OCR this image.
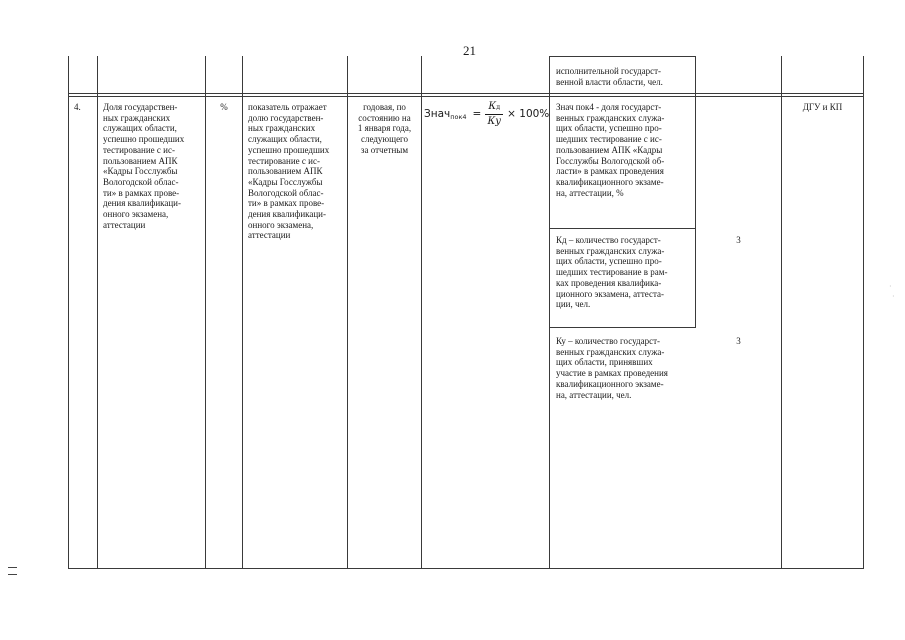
21
исполнительной государст-
венной власти области, чел.
4. Доля государствен-
ных гражданских
служащих области,
успешно прошедших
тестирование с ис-
пользованием АПК
«Кадры Госслужбы
Вологодской облас-
ти» в рамках прове-
дения квалификаци-
онного экзамена,
аттестации
%	показатель отражает
долю государствен-
ных гражданских
служащих области,
успешно прошедших
тестирование с ис-
пользованием АПК
«Кадры Госслужбы
Вологодской облас-
ти» в рамках прове-
дения квалификаци-
онного экзамена,
аттестации
годовая, по
состоянию на
1 января года,
следующего
за отчетным
Знач $пок4 = \frac{Кд}{Ку} \times 100\%$
Знач пок4 - доля государст-
венных гражданских служа-
щих области, успешно про-
шедших тестирование с ис-
пользованием АПК «Кадры
Госслужбы Вологодской об-
ласти» в рамках проведения
квалификационного экзаме-
на, аттестации, %
Кд – количество государст-
венных гражданских служа-
щих области, успешно про-
шедших тестирование в рам-
ках проведения квалифика-
ционного экзамена, аттеста-
ции, чел.
3
Ку – количество государст-
венных гражданских служа-
щих области, принявших
участие в рамках проведения
квалификационного экзаме-
на, аттестации, чел.
3
ДГУ и КП
·
·
